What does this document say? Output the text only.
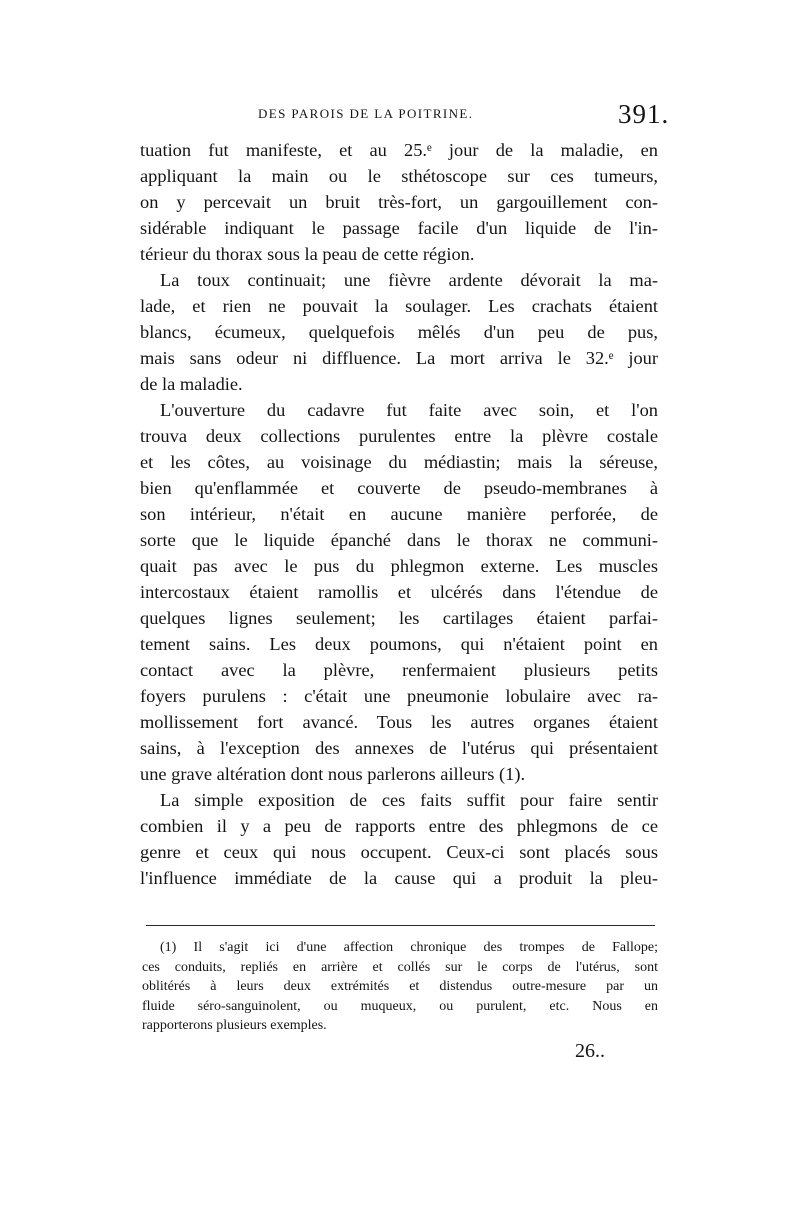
DES PAROIS DE LA POITRINE.	391.
tuation fut manifeste, et au 25.ᵉ jour de la maladie, en
appliquant la main ou le sthétoscope sur ces tumeurs,
on y percevait un bruit très-fort, un gargouillement con-
sidérable indiquant le passage facile d'un liquide de l'in-
térieur du thorax sous la peau de cette région.
La toux continuait; une fièvre ardente dévorait la ma-
lade, et rien ne pouvait la soulager. Les crachats étaient
blancs, écumeux, quelquefois mêlés d'un peu de pus,
mais sans odeur ni diffluence. La mort arriva le 32.ᵉ jour
de la maladie.
L'ouverture du cadavre fut faite avec soin, et l'on
trouva deux collections purulentes entre la plèvre costale
et les côtes, au voisinage du médiastin; mais la séreuse,
bien qu'enflammée et couverte de pseudo-membranes à
son intérieur, n'était en aucune manière perforée, de
sorte que le liquide épanché dans le thorax ne communi-
quait pas avec le pus du phlegmon externe. Les muscles
intercostaux étaient ramollis et ulcérés dans l'étendue de
quelques lignes seulement; les cartilages étaient parfai-
tement sains. Les deux poumons, qui n'étaient point en
contact avec la plèvre, renfermaient plusieurs petits
foyers purulens : c'était une pneumonie lobulaire avec ra-
mollissement fort avancé. Tous les autres organes étaient
sains, à l'exception des annexes de l'utérus qui présentaient
une grave altération dont nous parlerons ailleurs (1).
La simple exposition de ces faits suffit pour faire sentir
combien il y a peu de rapports entre des phlegmons de ce
genre et ceux qui nous occupent. Ceux-ci sont placés sous
l'influence immédiate de la cause qui a produit la pleu-
(1) Il s'agit ici d'une affection chronique des trompes de Fallope;
ces conduits, repliés en arrière et collés sur le corps de l'utérus, sont
oblitérés à leurs deux extrémités et distendus outre-mesure par un
fluide séro-sanguinolent, ou muqueux, ou purulent, etc. Nous en
rapporterons plusieurs exemples.
26..
